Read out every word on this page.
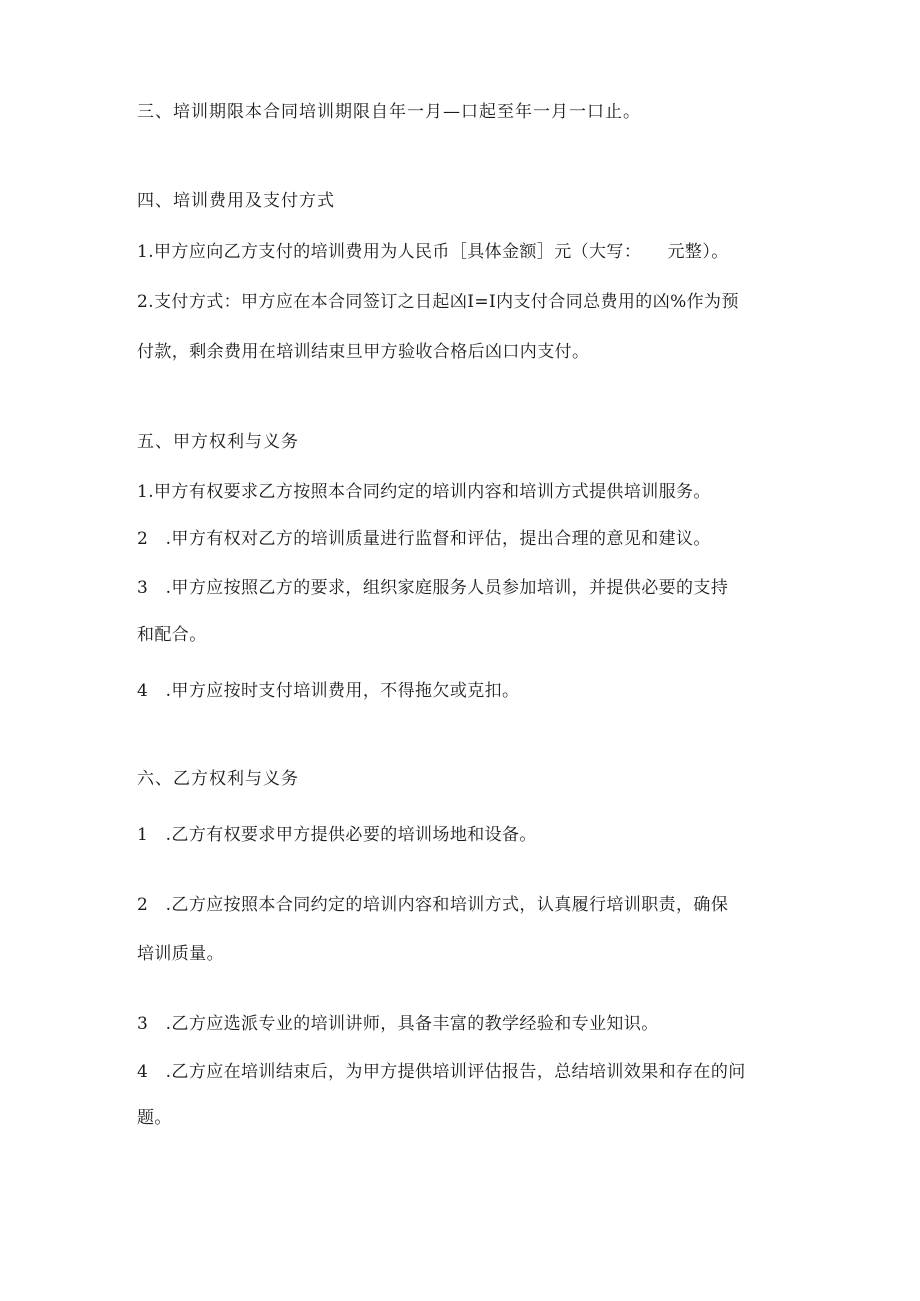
三、培训期限本合同培训期限自年一月—口起至年一月一口止。
四、培训费用及支付方式
1.甲方应向乙方支付的培训费用为人民币［具体金额］元（大写：　　元整）。
2.支付方式：甲方应在本合同签订之日起凶I=I内支付合同总费用的凶%作为预
付款，剩余费用在培训结束旦甲方验收合格后凶口内支付。
五、甲方权利与义务
1.甲方有权要求乙方按照本合同约定的培训内容和培训方式提供培训服务。
2　.甲方有权对乙方的培训质量进行监督和评估，提出合理的意见和建议。
3　.甲方应按照乙方的要求，组织家庭服务人员参加培训，并提供必要的支持
和配合。
4　.甲方应按时支付培训费用，不得拖欠或克扣。
六、乙方权利与义务
1　.乙方有权要求甲方提供必要的培训场地和设备。
2　.乙方应按照本合同约定的培训内容和培训方式，认真履行培训职责，确保
培训质量。
3　.乙方应选派专业的培训讲师，具备丰富的教学经验和专业知识。
4　.乙方应在培训结束后，为甲方提供培训评估报告，总结培训效果和存在的问
题。
